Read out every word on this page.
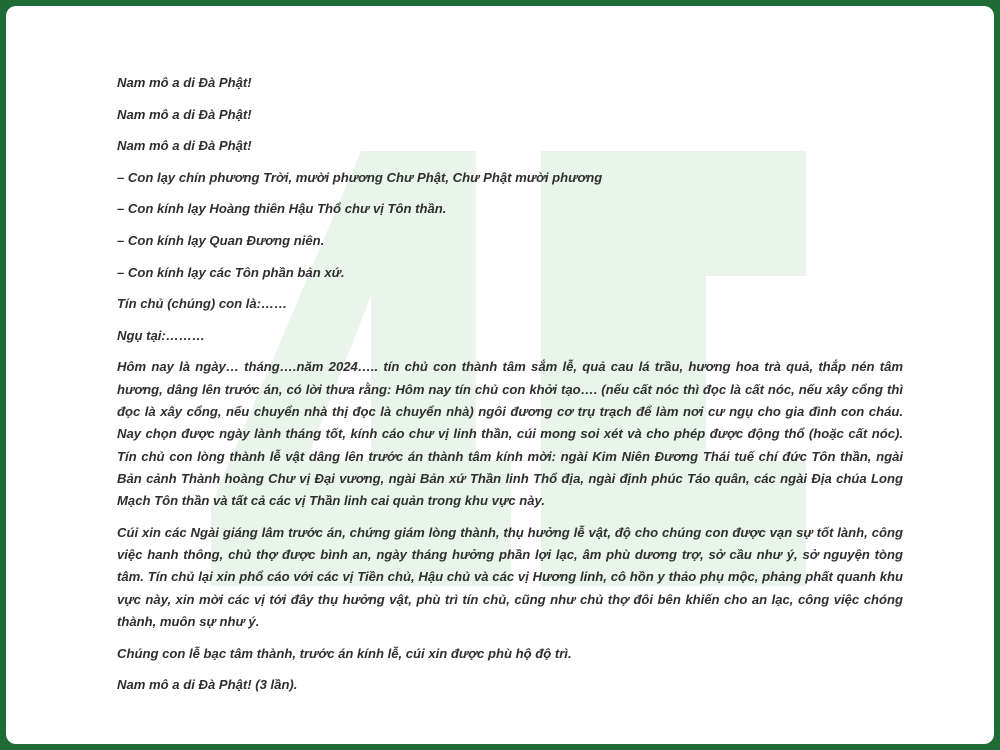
Nam mô a di Đà Phật!

Nam mô a di Đà Phật!

Nam mô a di Đà Phật!

– Con lạy chín phương Trời, mười phương Chư Phật, Chư Phật mười phương

– Con kính lạy Hoàng thiên Hậu Thổ chư vị Tôn thần.

– Con kính lạy Quan Đương niên.

– Con kính lạy các Tôn phần bản xứ.

Tín chủ (chúng) con là:……

Ngụ tại:………

Hôm nay là ngày… tháng….năm 2024….. tín chủ con thành tâm sắm lễ, quả cau lá trầu, hương hoa trà quả, thắp nén tâm hương, dâng lên trước án, có lời thưa rằng: Hôm nay tín chủ con khởi tạo…. (nếu cất nóc thì đọc là cất nóc, nếu xây cổng thì đọc là xây cổng, nếu chuyển nhà thị đọc là chuyển nhà) ngôi đương cơ trụ trạch để làm nơi cư ngụ cho gia đình con cháu. Nay chọn được ngày lành tháng tốt, kính cáo chư vị linh thần, cúi mong soi xét và cho phép được động thổ (hoặc cất nóc). Tín chủ con lòng thành lễ vật dâng lên trước án thành tâm kính mời: ngài Kim Niên Đương Thái tuế chí đức Tôn thần, ngài Bản cảnh Thành hoàng Chư vị Đại vương, ngài Bản xứ Thần linh Thổ địa, ngài định phúc Táo quân, các ngài Địa chúa Long Mạch Tôn thần và tất cả các vị Thần linh cai quản trong khu vực này.

Cúi xin các Ngài giáng lâm trước án, chứng giám lòng thành, thụ hưởng lễ vật, độ cho chúng con được vạn sự tốt lành, công việc hanh thông, chủ thợ được bình an, ngày tháng hưởng phần lợi lạc, âm phù dương trợ, sở cầu như ý, sở nguyện tòng tâm. Tín chủ lại xin phổ cáo với các vị Tiền chủ, Hậu chủ và các vị Hương linh, cô hồn y thảo phụ mộc, phảng phất quanh khu vực này, xin mời các vị tới đây thụ hưởng vật, phù trì tín chủ, cũng như chủ thợ đôi bên khiến cho an lạc, công việc chóng thành, muôn sự như ý.

Chúng con lễ bạc tâm thành, trước án kính lễ, cúi xin được phù hộ độ trì.

Nam mô a di Đà Phật! (3 lần).
